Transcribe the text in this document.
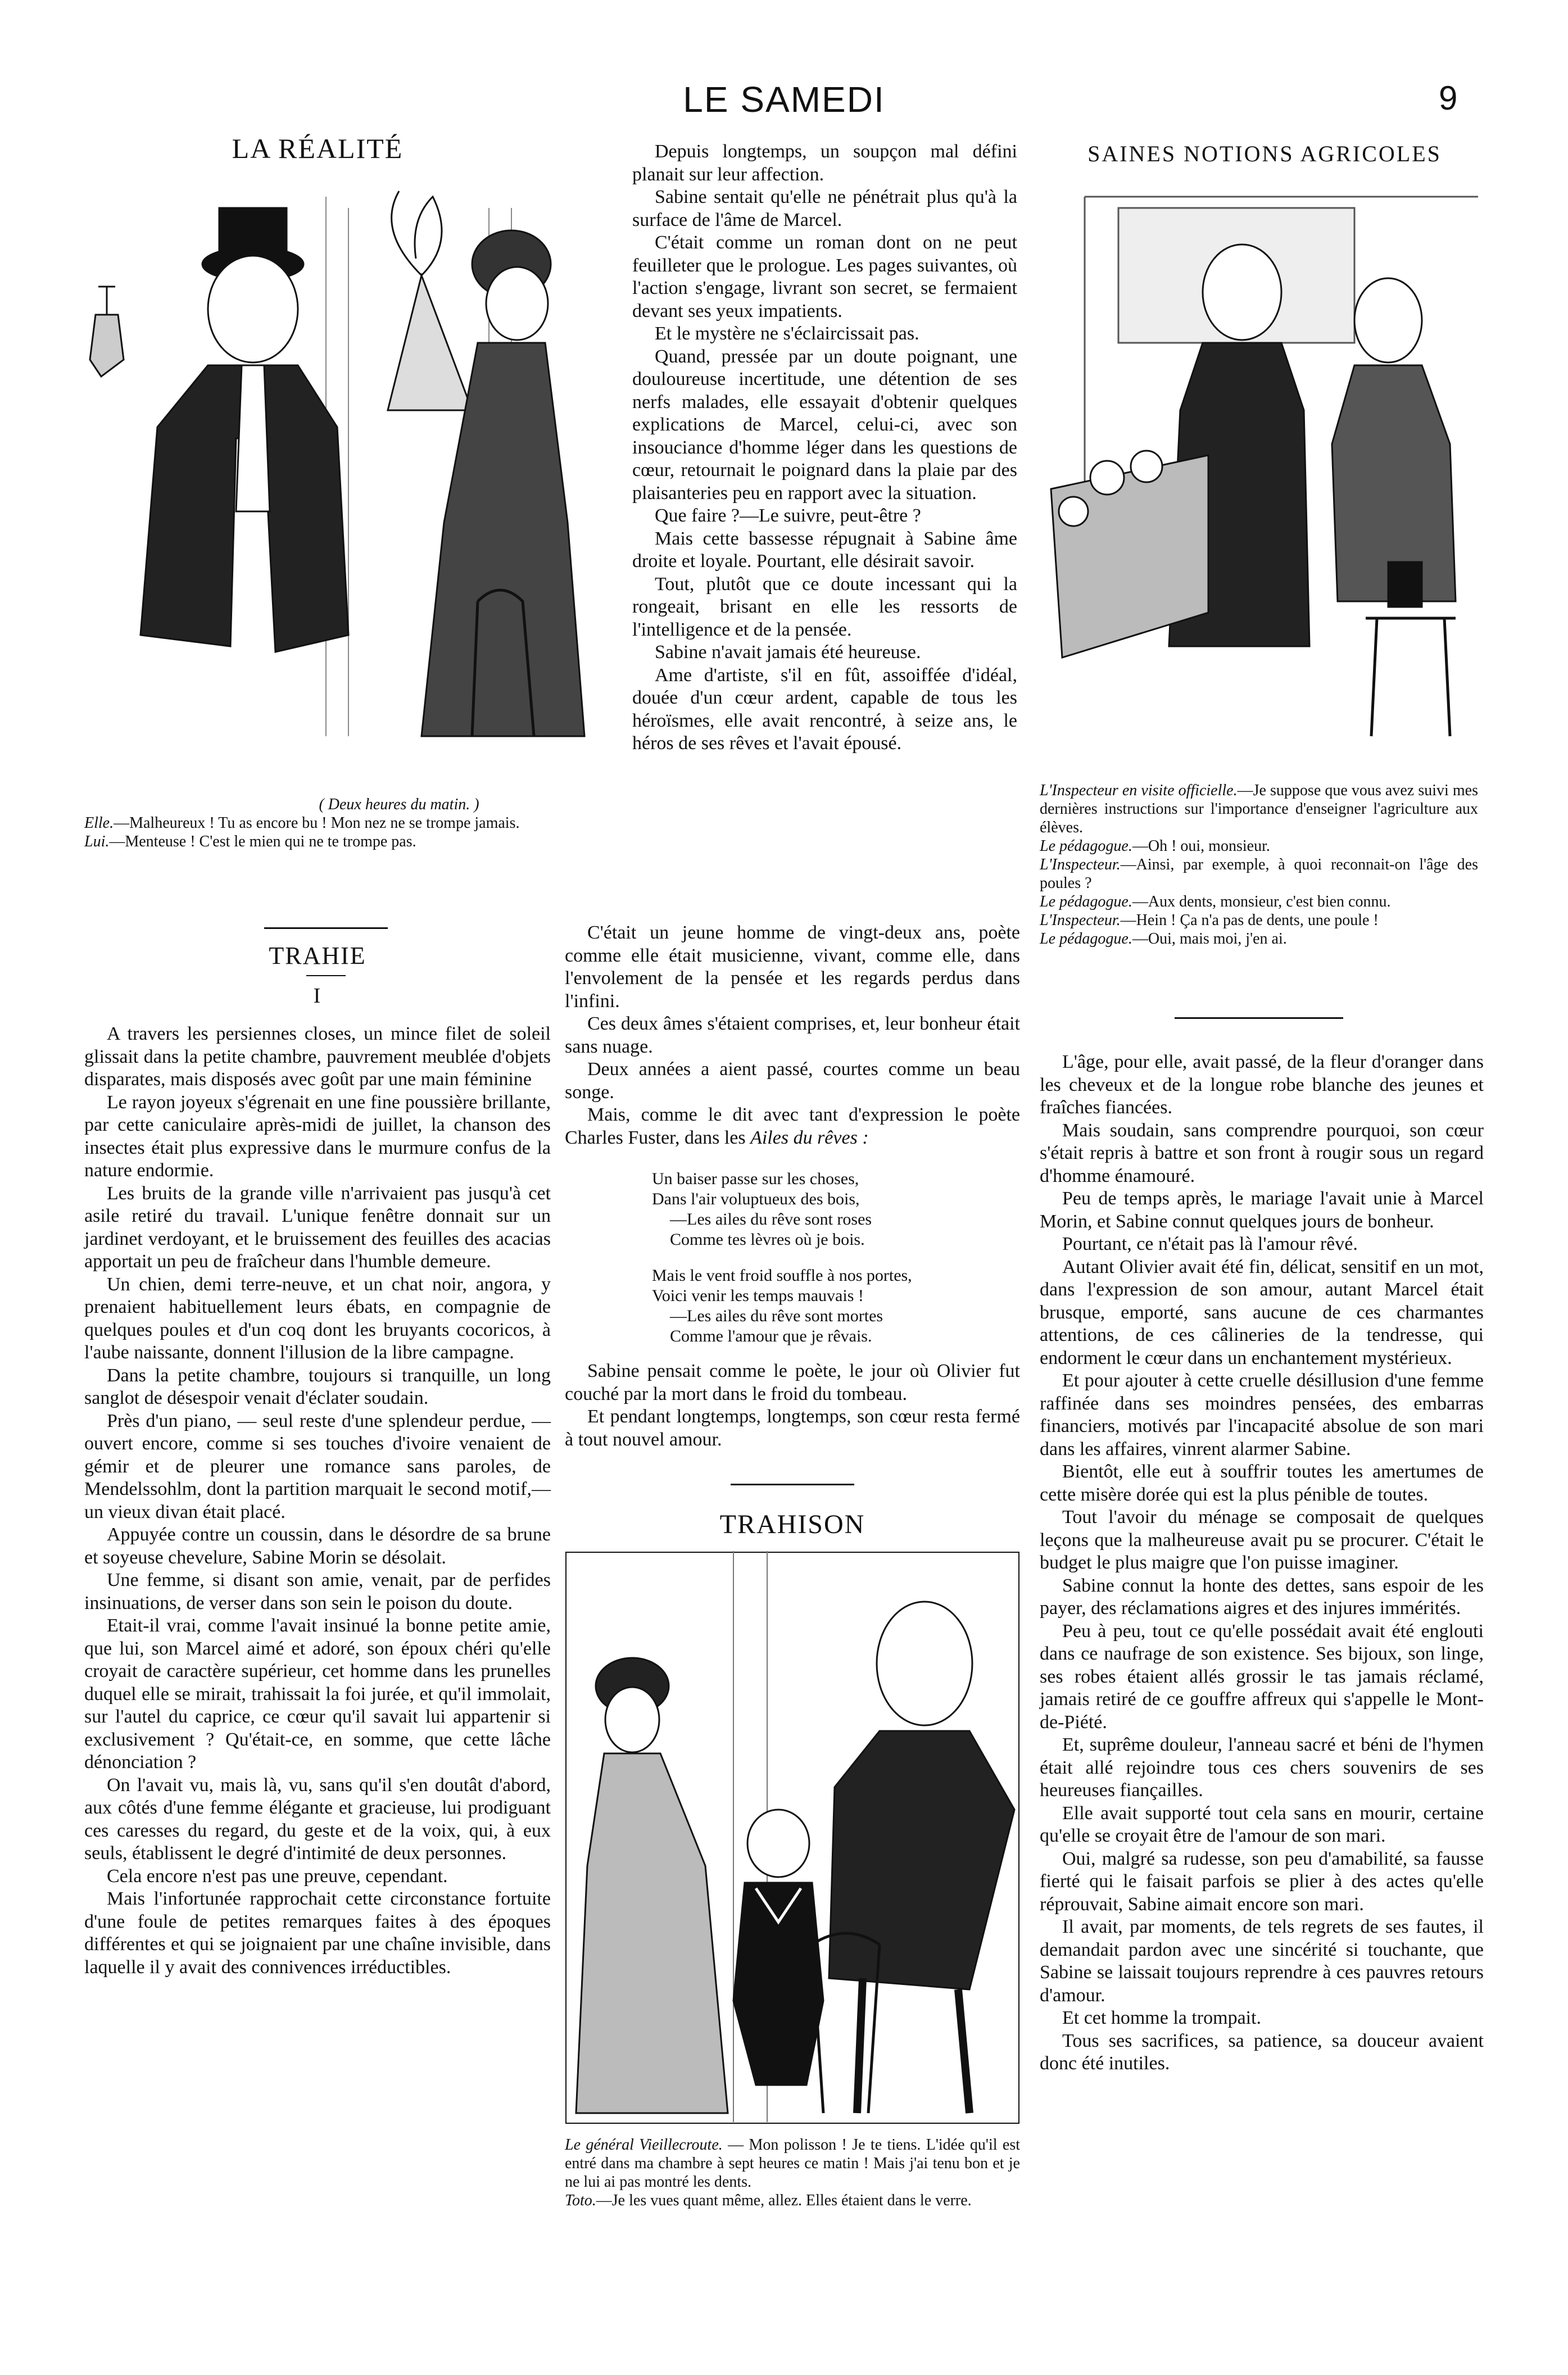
LE SAMEDI	9
LA RÉALITÉ

( Deux heures du matin. )

Elle.—Malheureux ! Tu as encore bu ! Mon nez ne se trompe jamais.

Lui.—Menteuse ! C'est le mien qui ne te trompe pas.

TRAHIE
I

A travers les persiennes closes, un mince filet de soleil glissait dans la petite chambre, pauvrement meublée d'objets disparates, mais disposés avec goût par une main féminine

Le rayon joyeux s'égrenait en une fine poussière brillante, par cette caniculaire après-midi de juillet, la chanson des insectes était plus expressive dans le murmure confus de la nature endormie.

Les bruits de la grande ville n'arrivaient pas jusqu'à cet asile retiré du travail. L'unique fenêtre donnait sur un jardinet verdoyant, et le bruissement des feuilles des acacias apportait un peu de fraîcheur dans l'humble demeure.

Un chien, demi terre-neuve, et un chat noir, angora, y prenaient habituellement leurs ébats, en compagnie de quelques poules et d'un coq dont les bruyants cocoricos, à l'aube naissante, donnent l'illusion de la libre campagne.

Dans la petite chambre, toujours si tranquille, un long sanglot de désespoir venait d'éclater soudain.

Près d'un piano, — seul reste d'une splendeur perdue, — ouvert encore, comme si ses touches d'ivoire venaient de gémir et de pleurer une romance sans paroles, de Mendelssohlm, dont la partition marquait le second motif,—un vieux divan était placé.

Appuyée contre un coussin, dans le désordre de sa brune et soyeuse chevelure, Sabine Morin se désolait.

Une femme, si disant son amie, venait, par de perfides insinuations, de verser dans son sein le poison du doute.

Etait-il vrai, comme l'avait insinué la bonne petite amie, que lui, son Marcel aimé et adoré, son époux chéri qu'elle croyait de caractère supérieur, cet homme dans les prunelles duquel elle se mirait, trahissait la foi jurée, et qu'il immolait, sur l'autel du caprice, ce cœur qu'il savait lui appartenir si exclusivement ? Qu'était-ce, en somme, que cette lâche dénonciation ?

On l'avait vu, mais là, vu, sans qu'il s'en doutât d'abord, aux côtés d'une femme élégante et gracieuse, lui prodiguant ces caresses du regard, du geste et de la voix, qui, à eux seuls, établissent le degré d'intimité de deux personnes.

Cela encore n'est pas une preuve, cependant.

Mais l'infortunée rapprochait cette circonstance fortuite d'une foule de petites remarques faites à des époques différentes et qui se joignaient par une chaîne invisible, dans laquelle il y avait des connivences irréductibles.

Depuis longtemps, un soupçon mal défini planait sur leur affection.

Sabine sentait qu'elle ne pénétrait plus qu'à la surface de l'âme de Marcel.

C'était comme un roman dont on ne peut feuilleter que le prologue. Les pages suivantes, où l'action s'engage, livrant son secret, se fermaient devant ses yeux impatients.

Et le mystère ne s'éclaircissait pas.

Quand, pressée par un doute poignant, une douloureuse incertitude, une détention de ses nerfs malades, elle essayait d'obtenir quelques explications de Marcel, celui-ci, avec son insouciance d'homme léger dans les questions de cœur, retournait le poignard dans la plaie par des plaisanteries peu en rapport avec la situation.

Que faire ?—Le suivre, peut-être ?

Mais cette bassesse répugnait à Sabine âme droite et loyale. Pourtant, elle désirait savoir.

Tout, plutôt que ce doute incessant qui la rongeait, brisant en elle les ressorts de l'intelligence et de la pensée.

Sabine n'avait jamais été heureuse.

Ame d'artiste, s'il en fût, assoiffée d'idéal, douée d'un cœur ardent, capable de tous les héroïsmes, elle avait rencontré, à seize ans, le héros de ses rêves et l'avait épousé.

C'était un jeune homme de vingt-deux ans, poète comme elle était musicienne, vivant, comme elle, dans l'envolement de la pensée et les regards perdus dans l'infini.

Ces deux âmes s'étaient comprises, et, leur bonheur était sans nuage.

Deux années a aient passé, courtes comme un beau songe.

Mais, comme le dit avec tant d'expression le poète Charles Fuster, dans les Ailes du rêves :

Un baiser passe sur les choses,

Dans l'air voluptueux des bois,

—Les ailes du rêve sont roses

Comme tes lèvres où je bois.

Mais le vent froid souffle à nos portes,

Voici venir les temps mauvais !

—Les ailes du rêve sont mortes

Comme l'amour que je rêvais.

Sabine pensait comme le poète, le jour où Olivier fut couché par la mort dans le froid du tombeau.

Et pendant longtemps, longtemps, son cœur resta fermé à tout nouvel amour.

TRAHISON

Le général Vieillecroute. — Mon polisson ! Je te tiens. L'idée qu'il est entré dans ma chambre à sept heures ce matin ! Mais j'ai tenu bon et je ne lui ai pas montré les dents.

Toto.—Je les vues quant même, allez. Elles étaient dans le verre.

SAINES NOTIONS AGRICOLES

L'Inspecteur en visite officielle.—Je suppose que vous avez suivi mes dernières instructions sur l'importance d'enseigner l'agriculture aux élèves.

Le pédagogue.—Oh ! oui, monsieur.

L'Inspecteur.—Ainsi, par exemple, à quoi reconnait-on l'âge des poules ?

Le pédagogue.—Aux dents, monsieur, c'est bien connu.

L'Inspecteur.—Hein ! Ça n'a pas de dents, une poule !

Le pédagogue.—Oui, mais moi, j'en ai.

L'âge, pour elle, avait passé, de la fleur d'oranger dans les cheveux et de la longue robe blanche des jeunes et fraîches fiancées.

Mais soudain, sans comprendre pourquoi, son cœur s'était repris à battre et son front à rougir sous un regard d'homme énamouré.

Peu de temps après, le mariage l'avait unie à Marcel Morin, et Sabine connut quelques jours de bonheur.

Pourtant, ce n'était pas là l'amour rêvé.

Autant Olivier avait été fin, délicat, sensitif en un mot, dans l'expression de son amour, autant Marcel était brusque, emporté, sans aucune de ces charmantes attentions, de ces câlineries de la tendresse, qui endorment le cœur dans un enchantement mystérieux.

Et pour ajouter à cette cruelle désillusion d'une femme raffinée dans ses moindres pensées, des embarras financiers, motivés par l'incapacité absolue de son mari dans les affaires, vinrent alarmer Sabine.

Bientôt, elle eut à souffrir toutes les amertumes de cette misère dorée qui est la plus pénible de toutes.

Tout l'avoir du ménage se composait de quelques leçons que la malheureuse avait pu se procurer. C'était le budget le plus maigre que l'on puisse imaginer.

Sabine connut la honte des dettes, sans espoir de les payer, des réclamations aigres et des injures immérités.

Peu à peu, tout ce qu'elle possédait avait été englouti dans ce naufrage de son existence. Ses bijoux, son linge, ses robes étaient allés grossir le tas jamais réclamé, jamais retiré de ce gouffre affreux qui s'appelle le Mont-de-Piété.

Et, suprême douleur, l'anneau sacré et béni de l'hymen était allé rejoindre tous ces chers souvenirs de ses heureuses fiançailles.

Elle avait supporté tout cela sans en mourir, certaine qu'elle se croyait être de l'amour de son mari.

Oui, malgré sa rudesse, son peu d'amabilité, sa fausse fierté qui le faisait parfois se plier à des actes qu'elle réprouvait, Sabine aimait encore son mari.

Il avait, par moments, de tels regrets de ses fautes, il demandait pardon avec une sincérité si touchante, que Sabine se laissait toujours reprendre à ces pauvres retours d'amour.

Et cet homme la trompait.

Tous ses sacrifices, sa patience, sa douceur avaient donc été inutiles.
